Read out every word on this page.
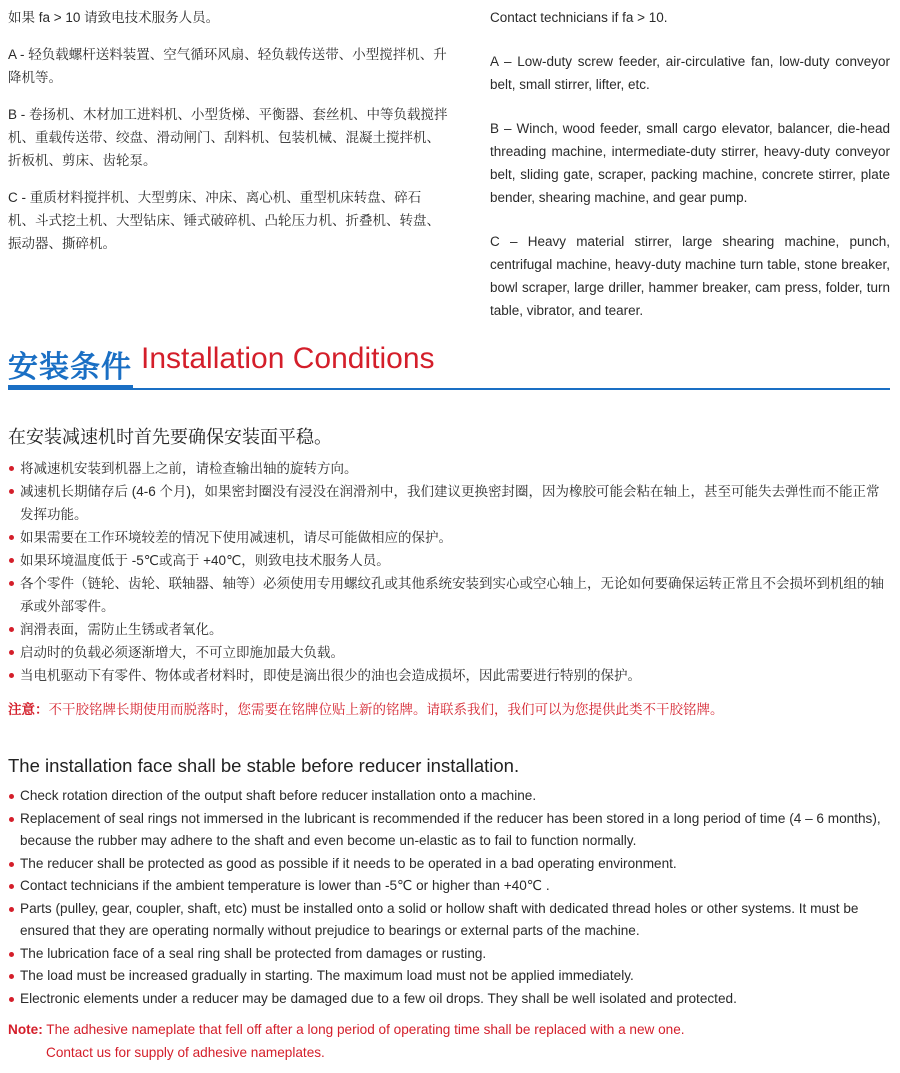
如果 fa > 10 请致电技术服务人员。

A - 轻负载螺杆送料装置、空气循环风扇、轻负载传送带、小型搅拌机、升降机等。

B - 卷扬机、木材加工进料机、小型货梯、平衡器、套丝机、中等负载搅拌机、重载传送带、绞盘、滑动闸门、刮料机、包装机械、混凝土搅拌机、折板机、剪床、齿轮泵。

C - 重质材料搅拌机、大型剪床、冲床、离心机、重型机床转盘、碎石机、斗式挖土机、大型钻床、锤式破碎机、凸轮压力机、折叠机、转盘、振动器、撕碎机。

Contact technicians if fa > 10.

A – Low-duty screw feeder, air-circulative fan, low-duty conveyor belt, small stirrer, lifter, etc.

B – Winch, wood feeder, small cargo elevator, balancer, die-head threading machine, intermediate-duty stirrer, heavy-duty conveyor belt, sliding gate, scraper, packing machine, concrete stirrer, plate bender, shearing machine, and gear pump.

C – Heavy material stirrer, large shearing machine, punch, centrifugal machine, heavy-duty machine turn table, stone breaker, bowl scraper, large driller, hammer breaker, cam press, folder, turn table, vibrator, and tearer.

安装条件 Installation Conditions
在安装减速机时首先要确保安装面平稳。
将减速机安装到机器上之前，请检查输出轴的旋转方向。
减速机长期储存后 (4-6 个月)，如果密封圈没有浸没在润滑剂中，我们建议更换密封圈，因为橡胶可能会粘在轴上，甚至可能失去弹性而不能正常发挥功能。
如果需要在工作环境较差的情况下使用减速机，请尽可能做相应的保护。
如果环境温度低于 -5℃或高于 +40℃，则致电技术服务人员。
各个零件（链轮、齿轮、联轴器、轴等）必须使用专用螺纹孔或其他系统安装到实心或空心轴上，无论如何要确保运转正常且不会损坏到机组的轴承或外部零件。
润滑表面，需防止生锈或者氧化。
启动时的负载必须逐渐增大，不可立即施加最大负载。
当电机驱动下有零件、物体或者材料时，即使是滴出很少的油也会造成损坏，因此需要进行特别的保护。
注意：不干胶铭牌长期使用而脱落时，您需要在铭牌位贴上新的铭牌。请联系我们，我们可以为您提供此类不干胶铭牌。
The installation face shall be stable before reducer installation.
Check rotation direction of the output shaft before reducer installation onto a machine.
Replacement of seal rings not immersed in the lubricant is recommended if the reducer has been stored in a long period of time (4 – 6 months), because the rubber may adhere to the shaft and even become un-elastic as to fail to function normally.
The reducer shall be protected as good as possible if it needs to be operated in a bad operating environment.
Contact technicians if the ambient temperature is lower than -5℃ or higher than +40℃ .
Parts (pulley, gear, coupler, shaft, etc) must be installed onto a solid or hollow shaft with dedicated thread holes or other systems. It must be ensured that they are operating normally without prejudice to bearings or external parts of the machine.
The lubrication face of a seal ring shall be protected from damages or rusting.
The load must be increased gradually in starting. The maximum load must not be applied immediately.
Electronic elements under a reducer may be damaged due to a few oil drops. They shall be well isolated and protected.
Note: The adhesive nameplate that fell off after a long period of operating time shall be replaced with a new one.
Contact us for supply of adhesive nameplates.
